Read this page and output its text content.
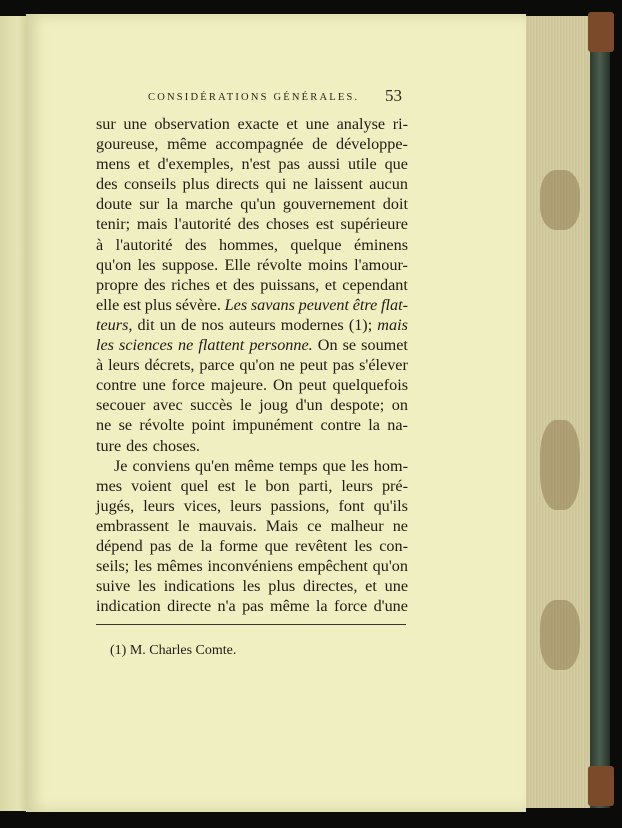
CONSIDÉRATIONS GÉNÉRALES.	53
sur une observation exacte et une analyse ri-
goureuse, même accompagnée de développe-
mens et d'exemples, n'est pas aussi utile que
des conseils plus directs qui ne laissent aucun
doute sur la marche qu'un gouvernement doit
tenir; mais l'autorité des choses est supérieure
à l'autorité des hommes, quelque éminens
qu'on les suppose. Elle révolte moins l'amour-
propre des riches et des puissans, et cependant
elle est plus sévère. Les savans peuvent être flat-
teurs, dit un de nos auteurs modernes (1); mais
les sciences ne flattent personne. On se soumet
à leurs décrets, parce qu'on ne peut pas s'élever
contre une force majeure. On peut quelquefois
secouer avec succès le joug d'un despote; on
ne se révolte point impunément contre la na-
ture des choses.
Je conviens qu'en même temps que les hom-
mes voient quel est le bon parti, leurs pré-
jugés, leurs vices, leurs passions, font qu'ils
embrassent le mauvais. Mais ce malheur ne
dépend pas de la forme que revêtent les con-
seils; les mêmes inconvéniens empêchent qu'on
suive les indications les plus directes, et une
indication directe n'a pas même la force d'une
(1) M. Charles Comte.
